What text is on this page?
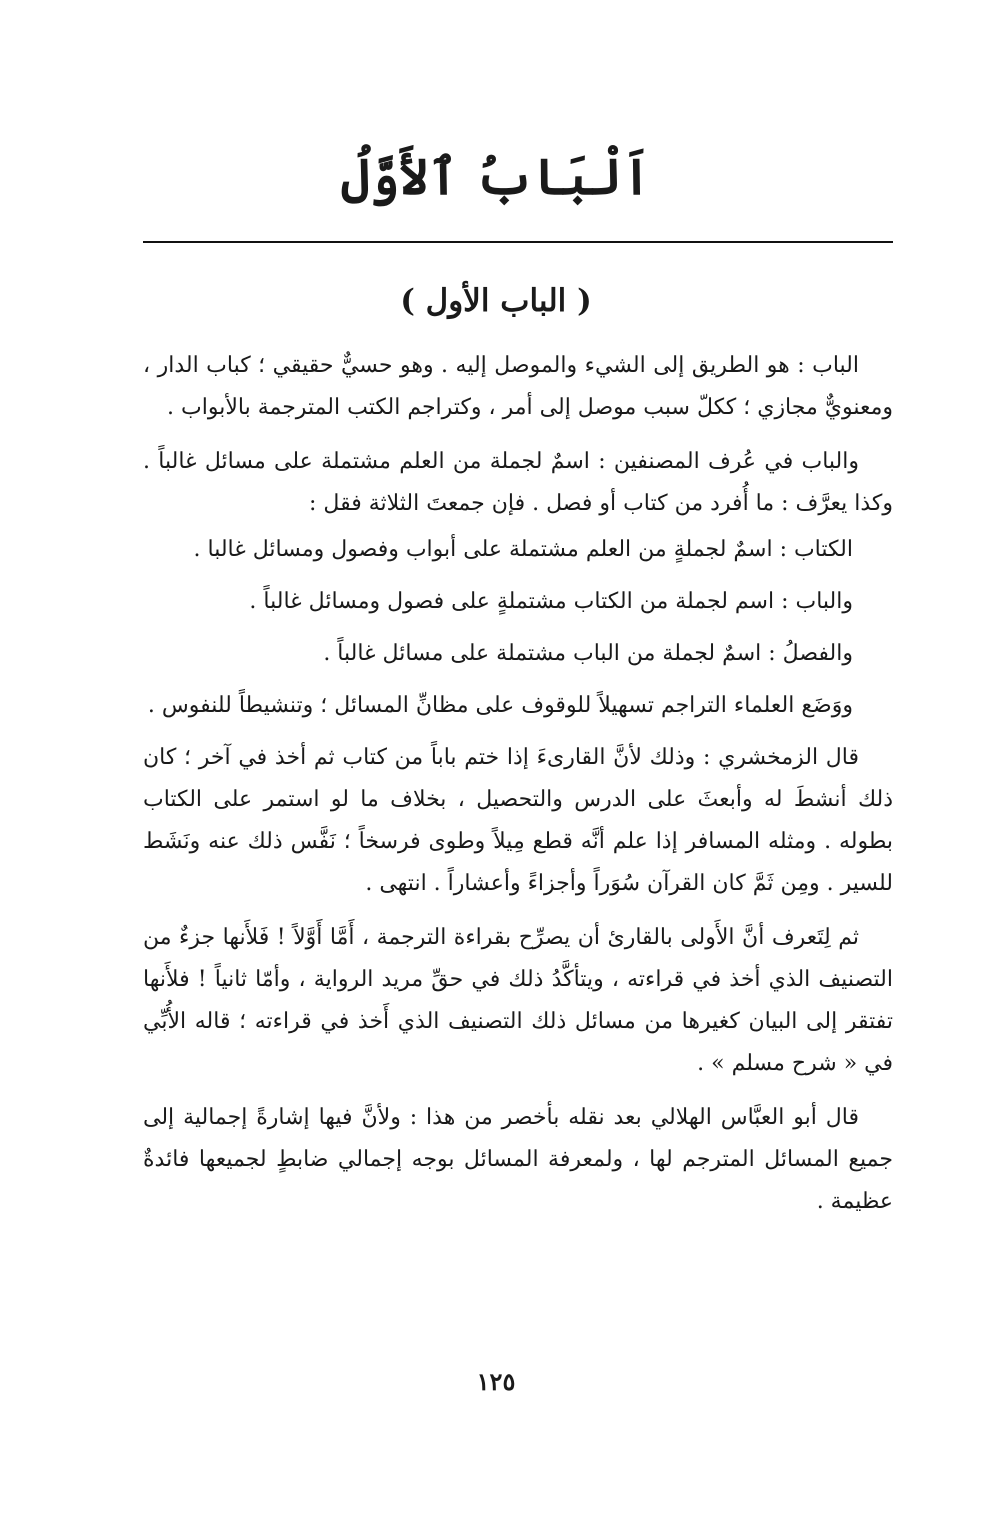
اَلْبَابُ ٱلأَوَّلُ
( الباب الأول )

الباب : هو الطريق إلى الشيء والموصل إليه . وهو حسيٌّ حقيقي ؛ كباب الدار ، ومعنويٌّ مجازي ؛ ككلّ سبب موصل إلى أمر ، وكتراجم الكتب المترجمة بالأبواب .

والباب في عُرف المصنفين : اسمٌ لجملة من العلم مشتملة على مسائل غالباً . وكذا يعرَّف : ما أُفرد من كتاب أو فصل . فإن جمعتَ الثلاثة فقل :

الكتاب : اسمٌ لجملةٍ من العلم مشتملة على أبواب وفصول ومسائل غالبا .

والباب : اسم لجملة من الكتاب مشتملةٍ على فصول ومسائل غالباً .

والفصلُ : اسمٌ لجملة من الباب مشتملة على مسائل غالباً .

ووَضَع العلماء التراجم تسهيلاً للوقوف على مظانِّ المسائل ؛ وتنشيطاً للنفوس .

قال الزمخشري : وذلك لأنَّ القارىءَ إذا ختم باباً من كتاب ثم أخذ في آخر ؛ كان ذلك أنشطَ له وأبعثَ على الدرس والتحصيل ، بخلاف ما لو استمر على الكتاب بطوله . ومثله المسافر إذا علم أنَّه قطع مِيلاً وطوى فرسخاً ؛ نَفَّس ذلك عنه ونَشَط للسير . ومِن ثَمَّ كان القرآن سُوَراً وأجزاءً وأعشاراً . انتهى .

ثم لِتَعرف أنَّ الأَولى بالقارئ أن يصرِّح بقراءة الترجمة ، أَمَّا أَوَّلاً ! فَلأَنها جزءٌ من التصنيف الذي أخذ في قراءته ، ويتأكَّدُ ذلك في حقِّ مريد الرواية ، وأمّا ثانياً ! فلأَنها تفتقر إلى البيان كغيرها من مسائل ذلك التصنيف الذي أَخذ في قراءته ؛ قاله الأُبِّي في « شرح مسلم » .

قال أبو العبَّاس الهلالي بعد نقله بأخصر من هذا : ولأنَّ فيها إشارةً إجمالية إلى جميع المسائل المترجم لها ، ولمعرفة المسائل بوجه إجمالي ضابطٍ لجميعها فائدةٌ عظيمة .

١٢٥
